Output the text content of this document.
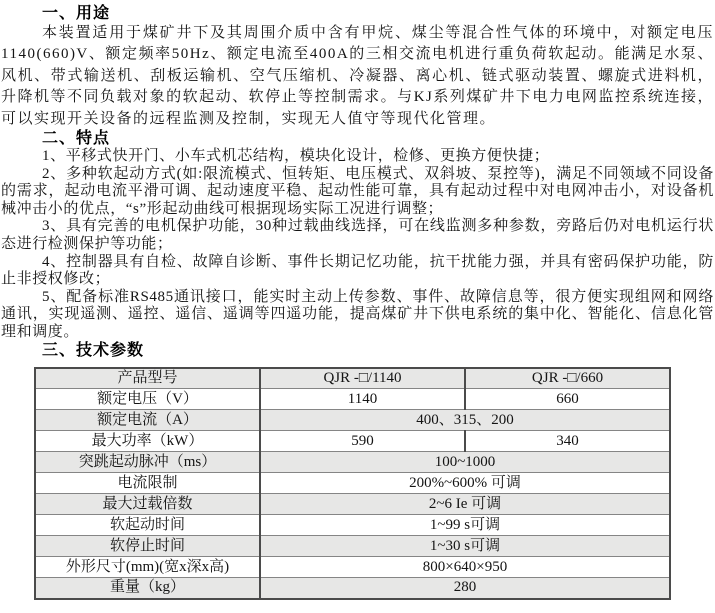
一、用途

本装置适用于煤矿井下及其周围介质中含有甲烷、煤尘等混合性气体的环境中，对额定电压1140(660)V、额定频率50Hz、额定电流至400A的三相交流电机进行重负荷软起动。能满足水泵、风机、带式输送机、刮板运输机、空气压缩机、冷凝器、离心机、链式驱动装置、螺旋式进料机，升降机等不同负载对象的软起动、软停止等控制需求。与KJ系列煤矿井下电力电网监控系统连接，可以实现开关设备的远程监测及控制，实现无人值守等现代化管理。

二、特点

1、平移式快开门、小车式机芯结构，模块化设计，检修、更换方便快捷；

2、多种软起动方式(如:限流模式、恒转矩、电压模式、双斜坡、泵控等)，满足不同领域不同设备的需求，起动电流平滑可调、起动速度平稳、起动性能可靠，具有起动过程中对电网冲击小，对设备机械冲击小的优点，“s”形起动曲线可根据现场实际工况进行调整；

3、具有完善的电机保护功能，30种过载曲线选择，可在线监测多种参数，旁路后仍对电机运行状态进行检测保护等功能；

4、控制器具有自检、故障自诊断、事件长期记忆功能，抗干扰能力强，并具有密码保护功能，防止非授权修改；

5、配备标准RS485通讯接口，能实时主动上传参数、事件、故障信息等，很方便实现组网和网络通讯，实现遥测、遥控、遥信、遥调等四遥功能，提高煤矿井下供电系统的集中化、智能化、信息化管理和调度。

三、技术参数
产品型号	QJR -□/1140	QJR -□/660
额定电压（V）	1140	660
额定电流（A）	400、315、200	
最大功率（kW）	590	340
突跳起动脉冲（ms）	100~1000	
电流限制	200%~600% 可调	
最大过载倍数	2~6 Ie 可调	
软起动时间	1~99 s可调	
软停止时间	1~30 s可调	
外形尺寸(mm)(宽x深x高)	800×640×950	
重量（kg）	280	
